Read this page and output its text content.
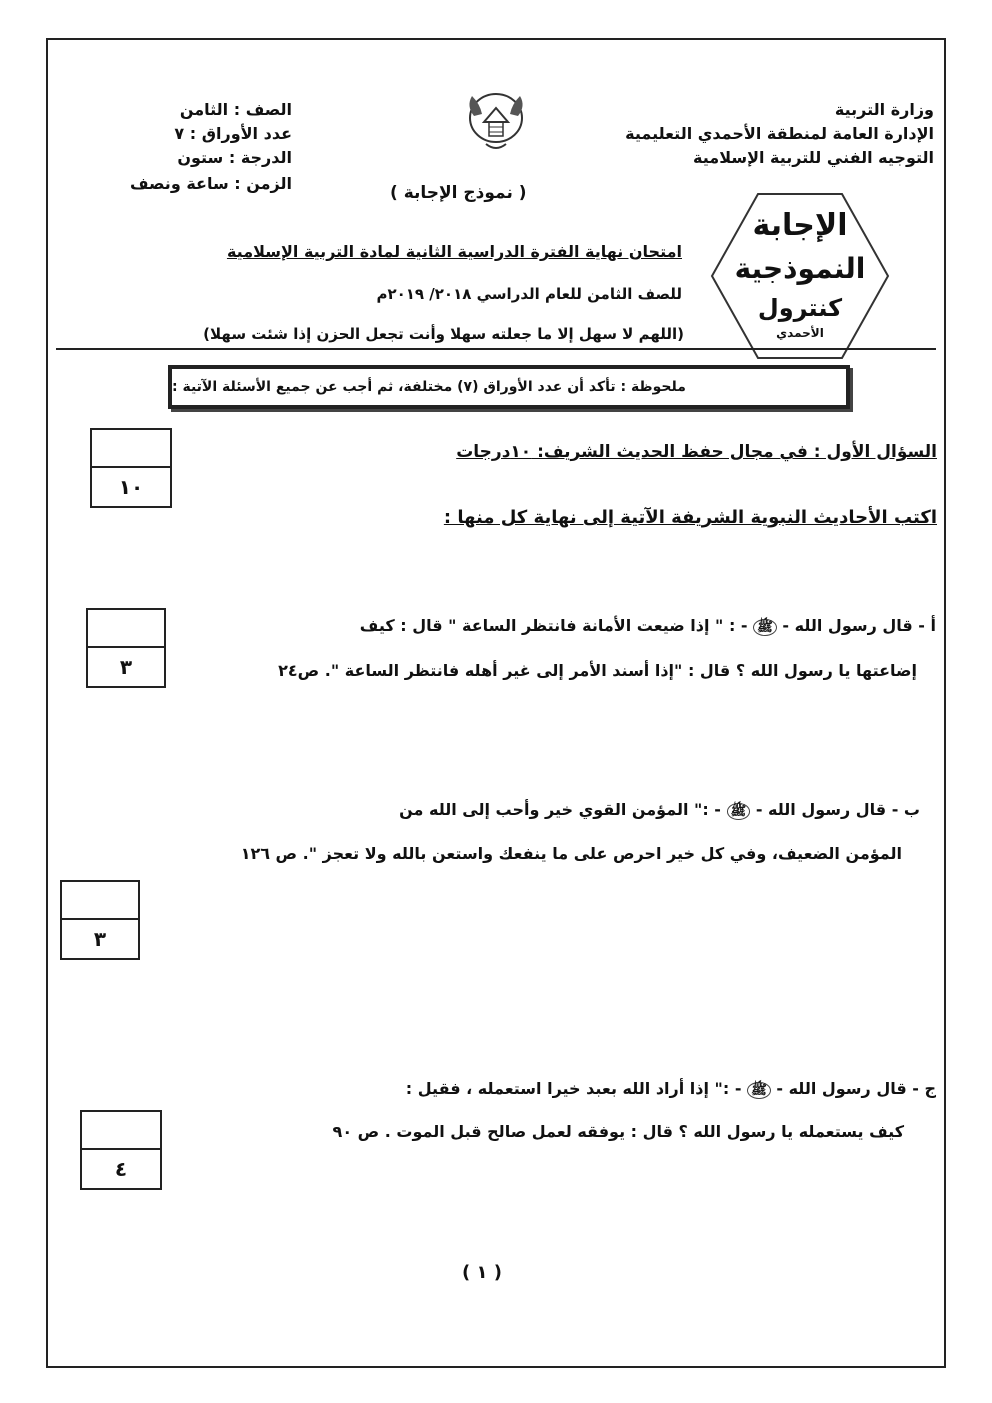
وزارة التربية
الإدارة العامة لمنطقة الأحمدي التعليمية
التوجيه الفني للتربية الإسلامية
الصف : الثامن
عدد الأوراق : ٧
الدرجة : ستون
الزمن : ساعة ونصف	( نموذج الإجابة )
الإجابة
النموذجية
كنترول
الأحمدي
امتحان نهاية الفترة الدراسية الثانية لمادة التربية الإسلامية
للصف الثامن للعام الدراسي ٢٠١٨/ ٢٠١٩م
(اللهم لا سهل إلا ما جعلته سهلا وأنت تجعل الحزن إذا شئت سهلا)
ملحوظة : تأكد أن عدد الأوراق (٧) مختلفة، ثم أجب عن جميع الأسئلة الآتية :
السؤال الأول : في مجال حفظ الحديث الشريف: ١٠درجات
١٠
اكتب الأحاديث النبوية الشريفة الآتية إلى نهاية كل منها :
أ - قال رسول الله - ﷺ - : " إذا ضيعت الأمانة فانتظر الساعة " قال : كيف
إضاعتها يا رسول الله ؟ قال : "إذا أسند الأمر إلى غير أهله فانتظر الساعة ". ص٢٤
٣
ب - قال رسول الله - ﷺ - :" المؤمن القوي خير وأحب إلى الله من
المؤمن الضعيف، وفي كل خير احرص على ما ينفعك واستعن بالله ولا تعجز ". ص ١٢٦
٣
ج - قال رسول الله - ﷺ - :" إذا أراد الله بعبد خيرا استعمله ، فقيل :
كيف يستعمله يا رسول الله ؟ قال : يوفقه لعمل صالح قبل الموت . ص ٩٠
٤
( ١ )
